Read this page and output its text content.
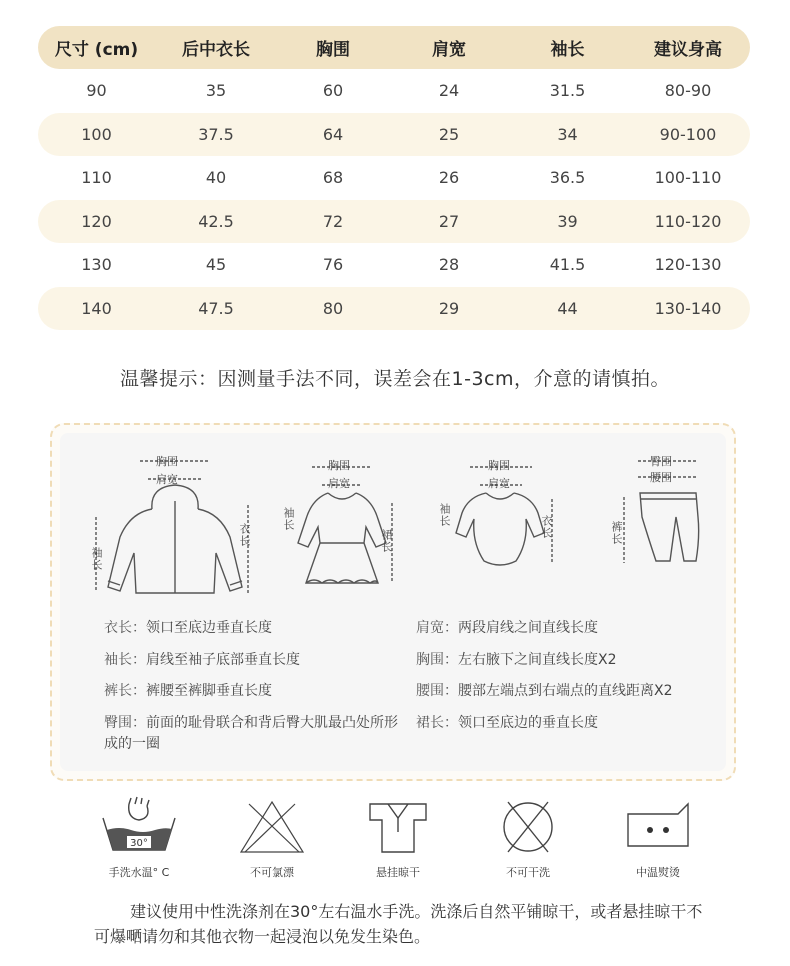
尺寸 (cm)	后中衣长	胸围	肩宽	袖长	建议身高
90	35	60	24	31.5	80-90
100	37.5	64	25	34	90-100
110	40	68	26	36.5	100-110
120	42.5	72	27	39	110-120
130	45	76	28	41.5	120-130
140	47.5	80	29	44	130-140
温馨提示：因测量手法不同，误差会在1-3cm，介意的请慎拍。
胸围
肩宽
袖长
衣长
胸围
肩宽
袖长
裙长
胸围
肩宽
袖长	衣长
臀围
腰围
裤长
衣长：领口至底边垂直长度
袖长：肩线至袖子底部垂直长度
裤长：裤腰至裤脚垂直长度
臀围：前面的耻骨联合和背后臀大肌最凸处所形成的一圈
肩宽：两段肩线之间直线长度
胸围：左右腋下之间直线长度X2
腰围：腰部左端点到右端点的直线距离X2
裙长：领口至底边的垂直长度
30°
手洗水温° C	不可氯漂	悬挂晾干	不可干洗	中温熨烫
建议使用中性洗涤剂在30°左右温水手洗。洗涤后自然平铺晾干，或者悬挂晾干不可爆嗮请勿和其他衣物一起浸泡以免发生染色。
